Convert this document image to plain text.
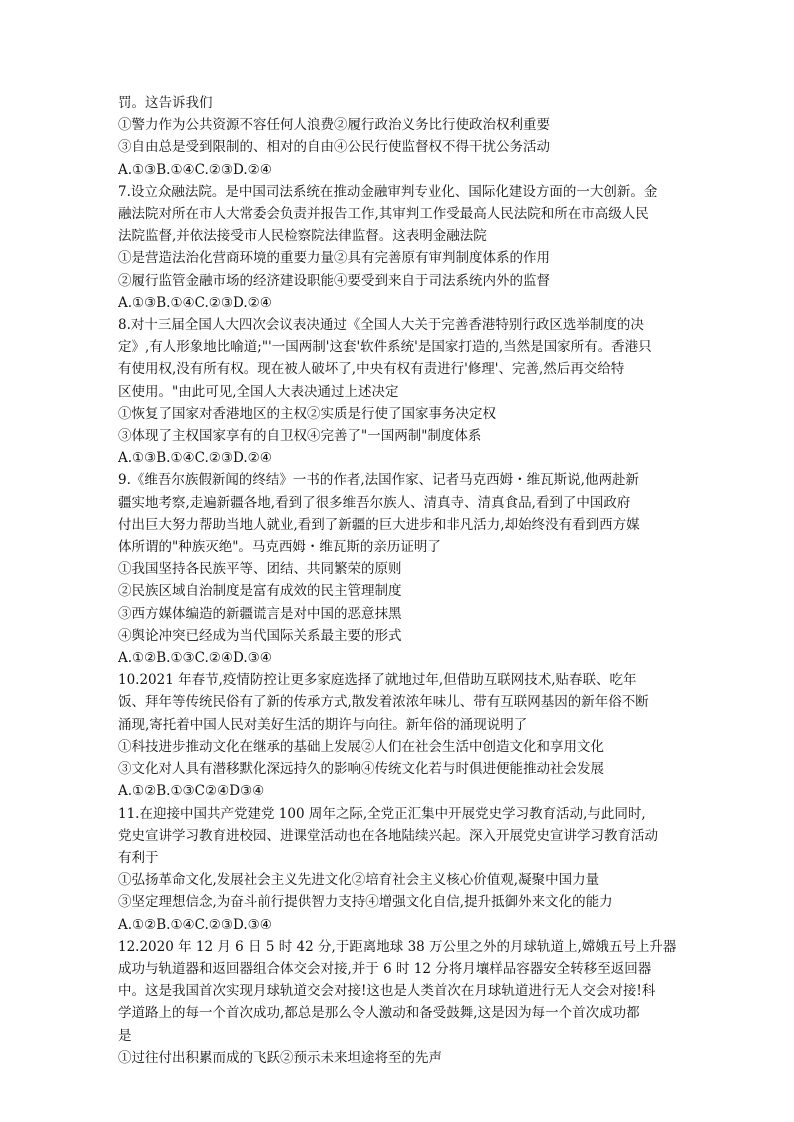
罚。这告诉我们
①警力作为公共资源不容任何人浪费②履行政治义务比行使政治权利重要
③自由总是受到限制的、相对的自由④公民行使监督权不得干扰公务活动
A.①③B.①④C.②③D.②④
7.设立众融法院。是中国司法系统在推动金融审判专业化、国际化建设方面的一大创新。金
融法院对所在市人大常委会负责并报告工作,其审判工作受最高人民法院和所在市高级人民
法院监督,并依法接受市人民检察院法律监督。这表明金融法院
①是营造法治化营商环境的重要力量②具有完善原有审判制度体系的作用
②履行监管金融市场的经济建设职能④要受到来自于司法系统内外的监督
A.①③B.①④C.②③D.②④
8.对十三届全国人大四次会议表决通过《全国人大关于完善香港特别行政区选举制度的决
定》,有人形象地比喻道;"'一国两制'这套'软件系统'是国家打造的,当然是国家所有。香港只
有使用权,没有所有权。现在被人破坏了,中央有权有责进行'修理'、完善,然后再交给特
区使用。"由此可见,全国人大表决通过上述决定
①恢复了国家对香港地区的主权②实质是行使了国家事务决定权
③体现了主权国家享有的自卫权④完善了"一国两制"制度体系
A.①③B.①④C.②③D.②④
9.《维吾尔族假新闻的终结》一书的作者,法国作家、记者马克西姆・维瓦斯说,他两赴新
疆实地考察,走遍新疆各地,看到了很多维吾尔族人、清真寺、清真食品,看到了中国政府
付出巨大努力帮助当地人就业,看到了新疆的巨大进步和非凡活力,却始终没有看到西方媒
体所谓的"种族灭绝"。马克西姆・维瓦斯的亲历证明了
①我国坚持各民族平等、团结、共同繁荣的原则
②民族区域自治制度是富有成效的民主管理制度
③西方媒体编造的新疆谎言是对中国的恶意抹黑
④舆论冲突已经成为当代国际关系最主要的形式
A.①②B.①③C.②④D.③④
10.2021 年春节,疫情防控让更多家庭选择了就地过年,但借助互联网技术,贴春联、吃年
饭、拜年等传统民俗有了新的传承方式,散发着浓浓年味儿、带有互联网基因的新年俗不断
涌现,寄托着中国人民对美好生活的期许与向往。新年俗的涌现说明了
①科技进步推动文化在继承的基础上发展②人们在社会生活中创造文化和享用文化
③文化对人具有潜移默化深远持久的影响④传统文化若与时俱进便能推动社会发展
A.①②B.①③C②④D③④
11.在迎接中国共产党建党 100 周年之际,全党正汇集中开展党史学习教育活动,与此同时,
党史宣讲学习教育进校园、进课堂活动也在各地陆续兴起。深入开展党史宣讲学习教育活动
有利于
①弘扬革命文化,发展社会主义先进文化②培育社会主义核心价值观,凝聚中国力量
③坚定理想信念,为奋斗前行提供智力支持④增强文化自信,提升抵御外来文化的能力
A.①②B.①④C.②③D.③④
12.2020 年 12 月 6 日 5 时 42 分,于距离地球 38 万公里之外的月球轨道上,嫦娥五号上升器
成功与轨道器和返回器组合体交会对接,并于 6 时 12 分将月壤样品容器安全转移至返回器
中。这是我国首次实现月球轨道交会对接!这也是人类首次在月球轨道进行无人交会对接!科
学道路上的每一个首次成功,都总是那么令人激动和备受鼓舞,这是因为每一个首次成功都
是
①过往付出积累而成的飞跃②预示未来坦途将至的先声
